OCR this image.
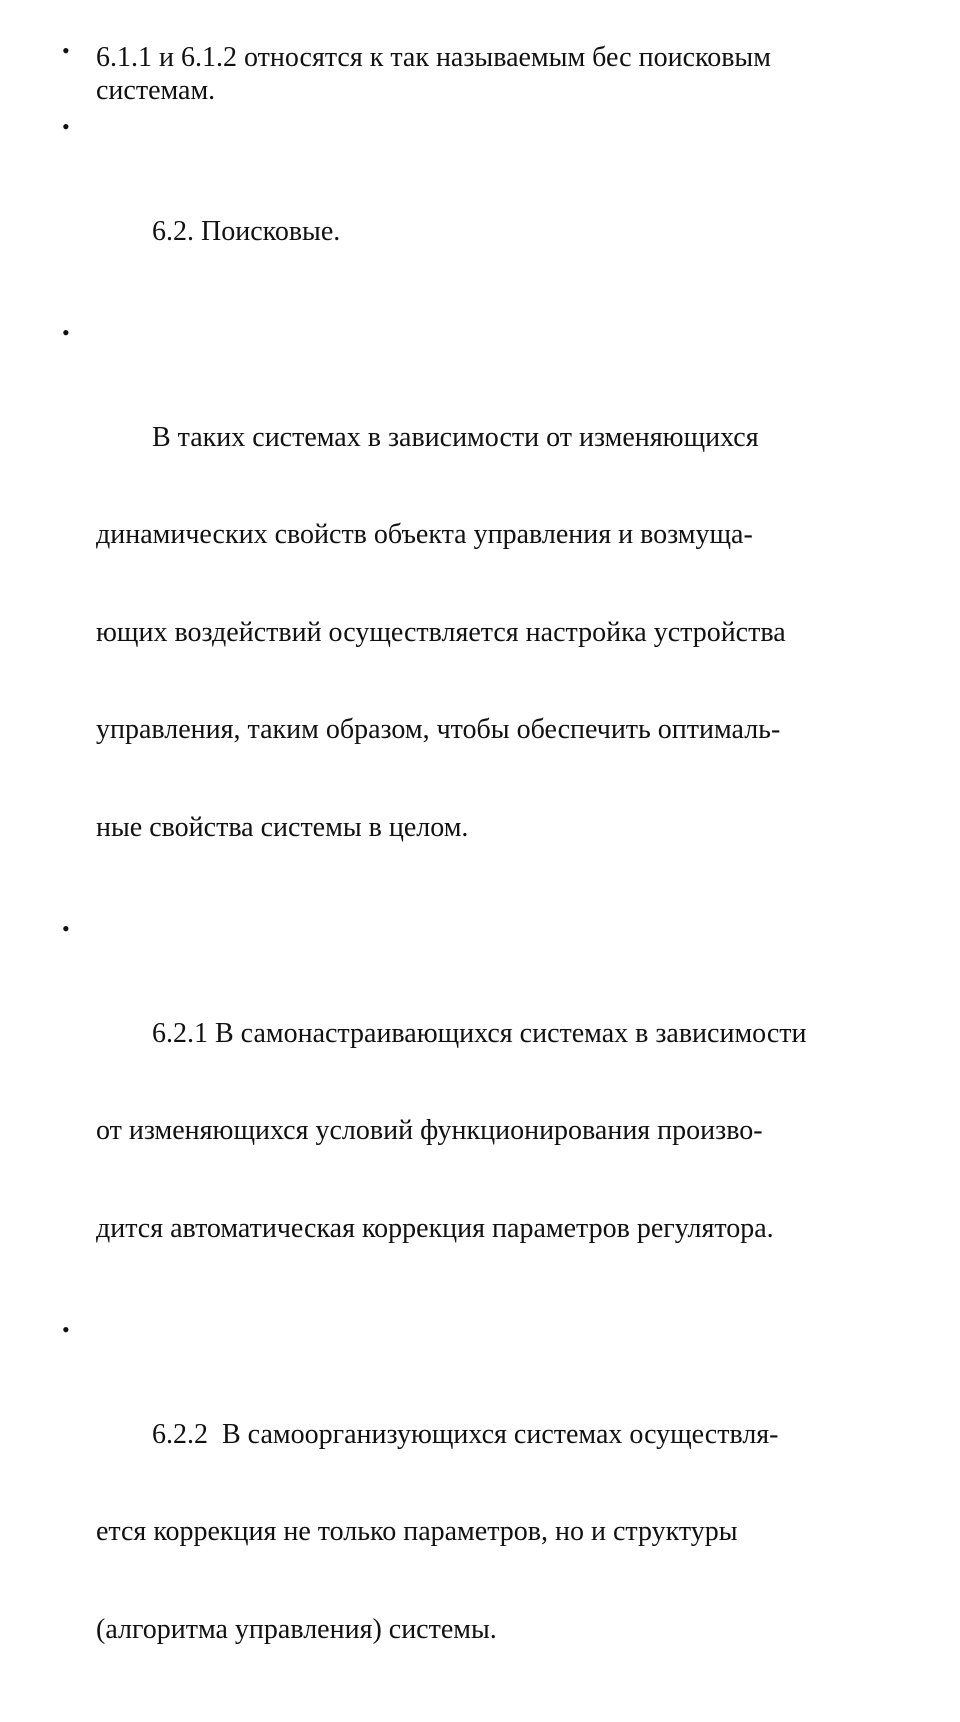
• 6.1.1 и 6.1.2 относятся к так называемым бес поисковым
системам.

•

6.2. Поисковые.

•

В таких системах в зависимости от изменяющихся

динамических свойств объекта управления и возмуща-

ющих воздействий осуществляется настройка устройства

управления, таким образом, чтобы обеспечить оптималь-

ные свойства системы в целом.

•

6.2.1 В самонастраивающихся системах в зависимости

от изменяющихся условий функционирования произво-

дится автоматическая коррекция параметров регулятора.

•

6.2.2  В самоорганизующихся системах осуществля-

ется коррекция не только параметров, но и структуры

(алгоритма управления) системы.
